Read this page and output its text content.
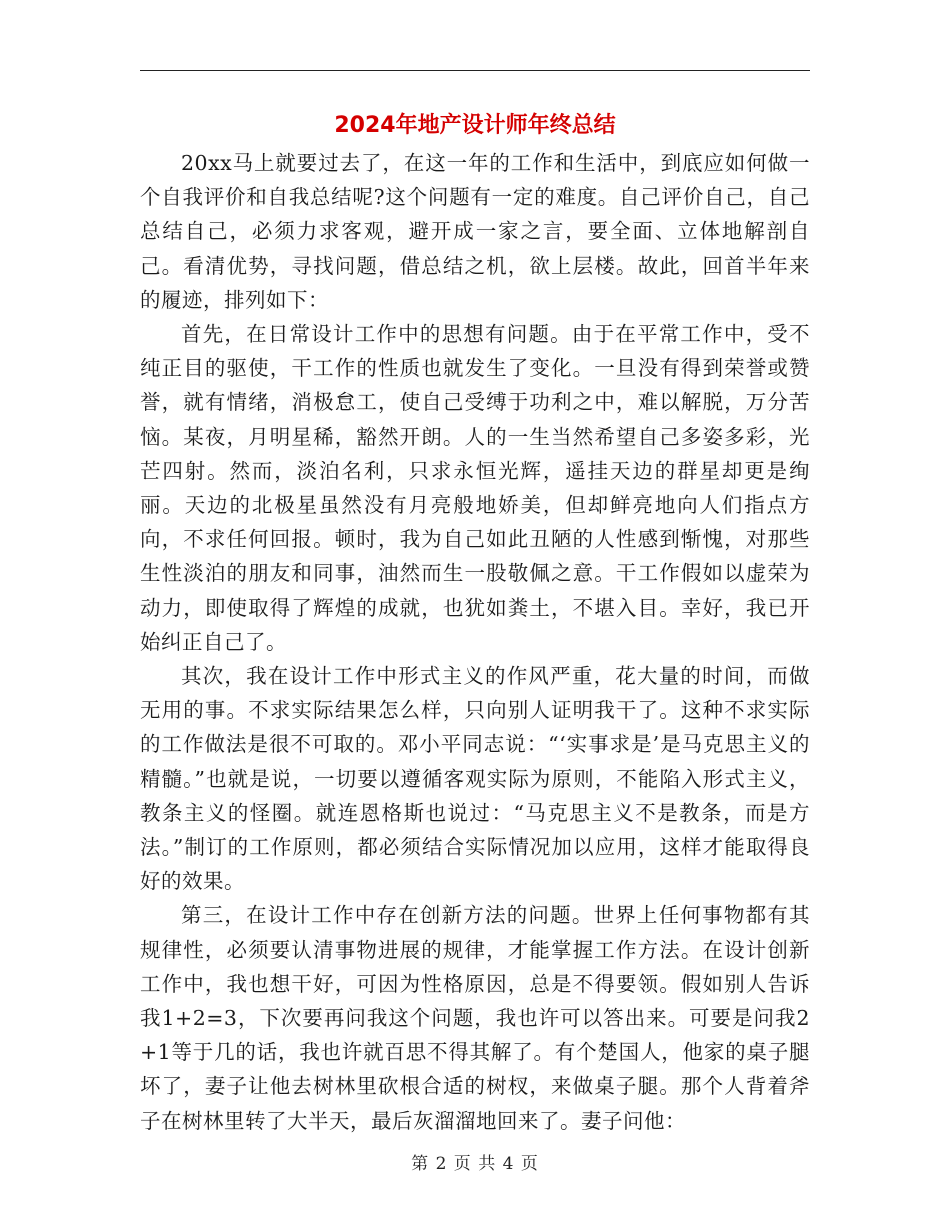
2024年地产设计师年终总结

20xx马上就要过去了，在这一年的工作和生活中，到底应如何做一个自我评价和自我总结呢?这个问题有一定的难度。自己评价自己，自己总结自己，必须力求客观，避开成一家之言，要全面、立体地解剖自己。看清优势，寻找问题，借总结之机，欲上层楼。故此，回首半年来的履迹，排列如下：

首先，在日常设计工作中的思想有问题。由于在平常工作中，受不纯正目的驱使，干工作的性质也就发生了变化。一旦没有得到荣誉或赞誉，就有情绪，消极怠工，使自己受缚于功利之中，难以解脱，万分苦恼。某夜，月明星稀，豁然开朗。人的一生当然希望自己多姿多彩，光芒四射。然而，淡泊名利，只求永恒光辉，遥挂天边的群星却更是绚丽。天边的北极星虽然没有月亮般地娇美，但却鲜亮地向人们指点方向，不求任何回报。顿时，我为自己如此丑陋的人性感到惭愧，对那些生性淡泊的朋友和同事，油然而生一股敬佩之意。干工作假如以虚荣为动力，即使取得了辉煌的成就，也犹如粪土，不堪入目。幸好，我已开始纠正自己了。

其次，我在设计工作中形式主义的作风严重，花大量的时间，而做无用的事。不求实际结果怎么样，只向别人证明我干了。这种不求实际的工作做法是很不可取的。邓小平同志说：“‘实事求是’是马克思主义的精髓。”也就是说，一切要以遵循客观实际为原则，不能陷入形式主义，教条主义的怪圈。就连恩格斯也说过：“马克思主义不是教条，而是方法。”制订的工作原则，都必须结合实际情况加以应用，这样才能取得良好的效果。

第三，在设计工作中存在创新方法的问题。世界上任何事物都有其规律性，必须要认清事物进展的规律，才能掌握工作方法。在设计创新工作中，我也想干好，可因为性格原因，总是不得要领。假如别人告诉我1+2=3，下次要再问我这个问题，我也许可以答出来。可要是问我2+1等于几的话，我也许就百思不得其解了。有个楚国人，他家的桌子腿坏了，妻子让他去树林里砍根合适的树杈，来做桌子腿。那个人背着斧子在树林里转了大半天，最后灰溜溜地回来了。妻子问他：

第 2 页 共 4 页
